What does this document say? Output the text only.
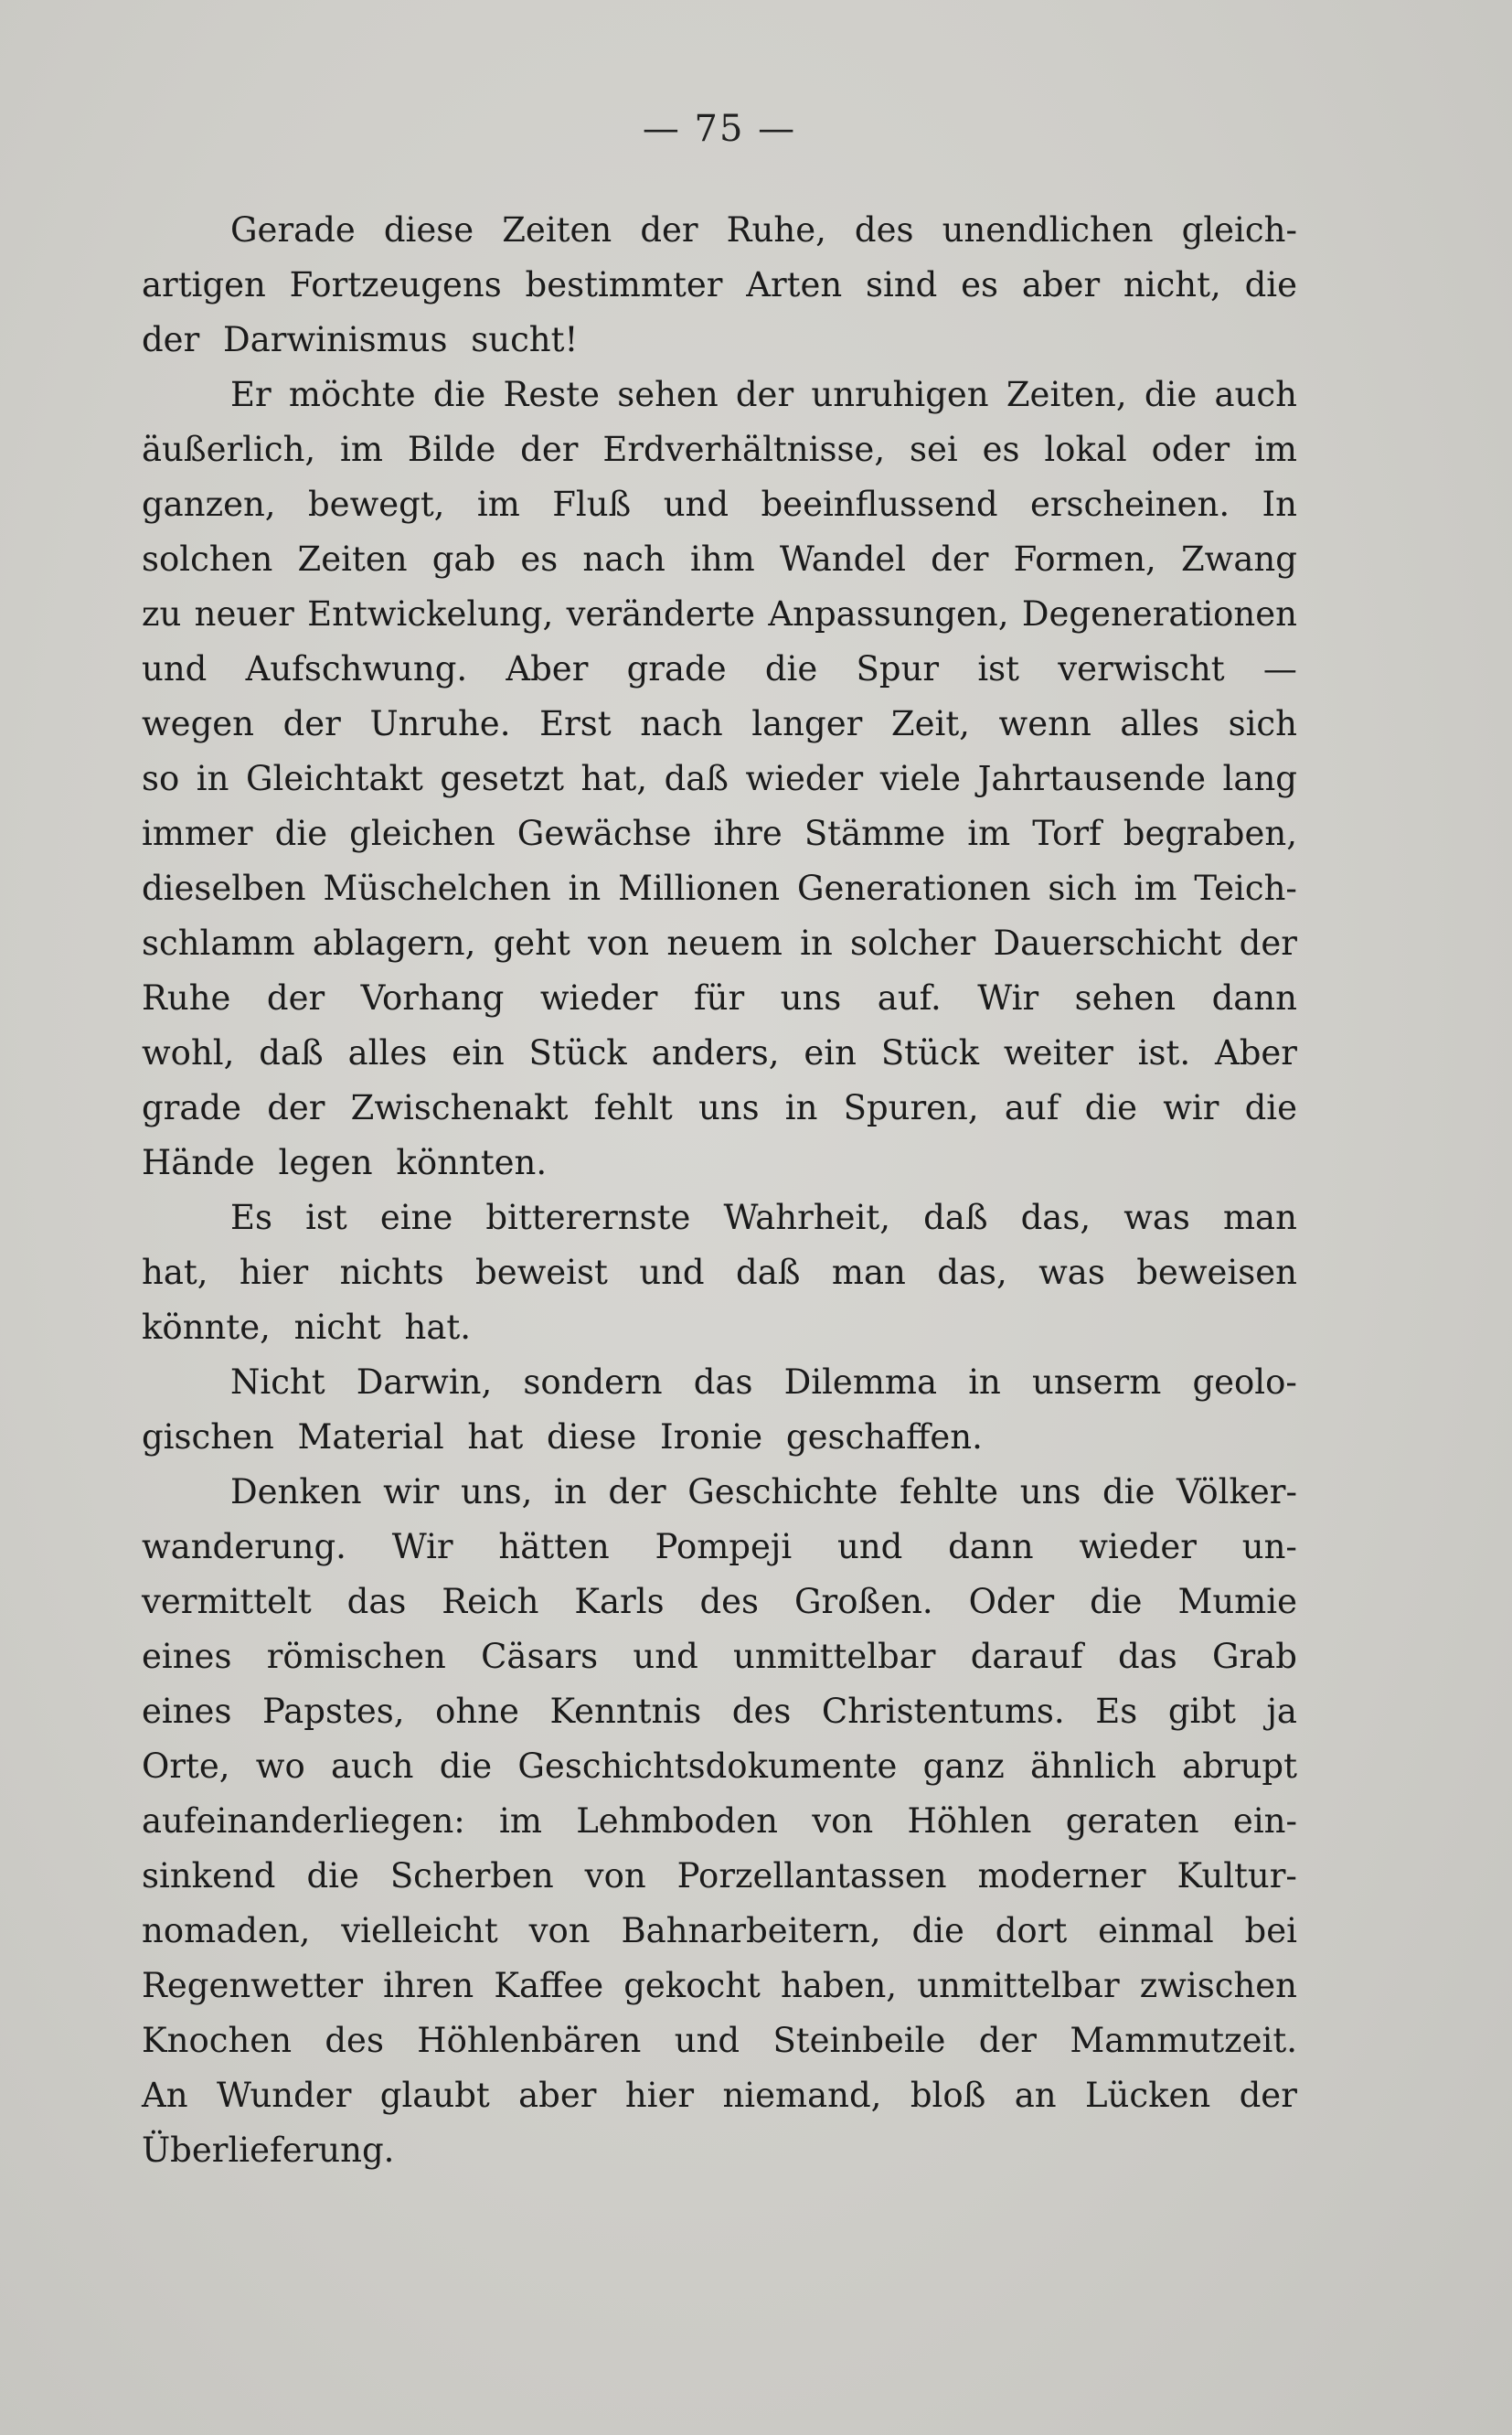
— 75 —
Gerade diese Zeiten der Ruhe, des unendlichen gleich-
artigen Fortzeugens bestimmter Arten sind es aber nicht, die
der Darwinismus sucht!
Er möchte die Reste sehen der unruhigen Zeiten, die auch
äußerlich, im Bilde der Erdverhältnisse, sei es lokal oder im
ganzen, bewegt, im Fluß und beeinflussend erscheinen. In
solchen Zeiten gab es nach ihm Wandel der Formen, Zwang
zu neuer Entwickelung, veränderte Anpassungen, Degenerationen
und Aufschwung. Aber grade die Spur ist verwischt —
wegen der Unruhe. Erst nach langer Zeit, wenn alles sich
so in Gleichtakt gesetzt hat, daß wieder viele Jahrtausende lang
immer die gleichen Gewächse ihre Stämme im Torf begraben,
dieselben Müschelchen in Millionen Generationen sich im Teich-
schlamm ablagern, geht von neuem in solcher Dauerschicht der
Ruhe der Vorhang wieder für uns auf. Wir sehen dann
wohl, daß alles ein Stück anders, ein Stück weiter ist. Aber
grade der Zwischenakt fehlt uns in Spuren, auf die wir die
Hände legen könnten.
Es ist eine bitterernste Wahrheit, daß das, was man
hat, hier nichts beweist und daß man das, was beweisen
könnte, nicht hat.
Nicht Darwin, sondern das Dilemma in unserm geolo-
gischen Material hat diese Ironie geschaffen.
Denken wir uns, in der Geschichte fehlte uns die Völker-
wanderung. Wir hätten Pompeji und dann wieder un-
vermittelt das Reich Karls des Großen. Oder die Mumie
eines römischen Cäsars und unmittelbar darauf das Grab
eines Papstes, ohne Kenntnis des Christentums. Es gibt ja
Orte, wo auch die Geschichtsdokumente ganz ähnlich abrupt
aufeinanderliegen: im Lehmboden von Höhlen geraten ein-
sinkend die Scherben von Porzellantassen moderner Kultur-
nomaden, vielleicht von Bahnarbeitern, die dort einmal bei
Regenwetter ihren Kaffee gekocht haben, unmittelbar zwischen
Knochen des Höhlenbären und Steinbeile der Mammutzeit.
An Wunder glaubt aber hier niemand, bloß an Lücken der
Überlieferung.
